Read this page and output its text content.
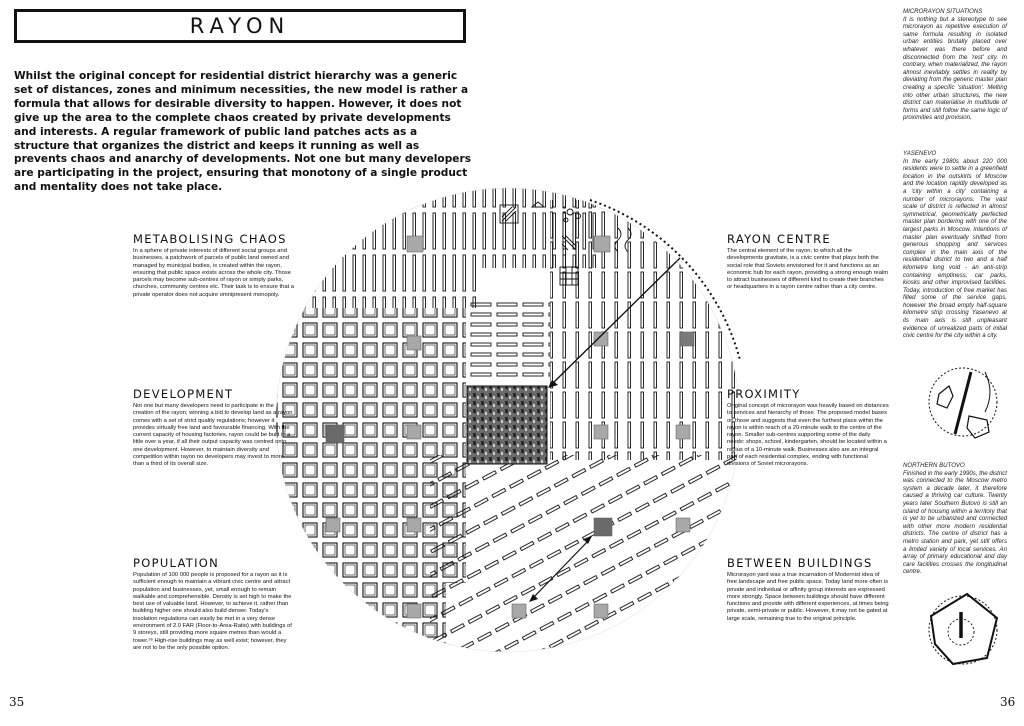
RAYON

Whilst the original concept for residential district hierarchy was a generic set of distances, zones and minimum necessities, the new model is rather a formula that allows for desirable diversity to happen. However, it does not give up the area to the complete chaos created by private developments and interests. A regular framework of public land patches acts as a structure that organizes the district and keeps it running as well as prevents chaos and anarchy of developments. Not one but many developers are participating in the project, ensuring that monotony of a single product and mentality does not take place.

METABOLISING CHAOS

In a sphere of private interests of different social groups and businesses, a patchwork of parcels of public land owned and managed by municipal bodies, is created within the rayon, ensuring that public space exists across the whole city. Those parcels may become sub-centres of rayon or simply parks, churches, community centres etc. Their task is to ensure that a private operator does not acquire omnipresent monopoly.

DEVELOPMENT

Not one but many developers need to participate in the creation of the rayon; winning a bid to develop land as a rayon comes with a set of strict quality regulations; however it provides virtually free land and favourable financing. With the current capacity of housing factories, rayon could be built in a little over a year, if all their output capacity was centred onto one development. However, to maintain diversity and competition within rayon no developers may invest to more than a third of its overall size.

POPULATION

Population of 100 000 people is proposed for a rayon as it is sufficient enough to maintain a vibrant civic centre and attract population and businesses, yet, small enough to remain walkable and comprehensible. Density is set high to make the best use of valuable land. However, to achieve it, rather than building higher one should also build denser. Today's insolation regulations can easily be met in a very dense environment of 2.0 FAR (Floor-to-Area-Ratio) with buildings of 9 storeys, still providing more square metres than would a tower.²⁸ High-rise buildings may as well exist; however, they are not to be the only possible option.

RAYON CENTRE

The central element of the rayon, to which all the developments gravitate, is a civic centre that plays both the social role that Soviets envisioned for it and functions as an economic hub for each rayon, providing a strong enough realm to attract businesses of different kind to create their branches or headquarters in a rayon centre rather than a city centre.

PROXIMITY

Original concept of microrayon was heavily based on distances to services and hierarchy of those. The proposed model bases on those and suggests that even the furthest place within the rayon is within reach of a 20-minute walk to the centre of the rayon. Smaller sub-centres supporting some of the daily needs: shops, school, kindergarten, should be located within a radius of a 10-minute walk. Businesses also are an integral part of each residential complex, ending with functional divisions of Soviet microrayons.

BETWEEN BUILDINGS

Microrayon yard was a true incarnation of Modernist idea of free landscape and free public space. Today land more often is private and individual or affinity group interests are expressed more strongly. Space between buildings should have different functions and provide with different experiences, at times being private, semi-private or public. However, it may not be gated at large scale, remaining true to the original principle.

MICRORAYON SITUATIONS
It is nothing but a stereotype to see microrayon as repetitive execution of same formula resulting in isolated urban entities brutally placed over whatever was there before and disconnected from the 'rest' city. In contrary, when materialized, the rayon almost inevitably settles in reality by deviating from the generic master plan creating a specific 'situation'. Melting into other urban structures, the new district can materialise in multitude of forms and still follow the same logic of proximities and provision.
YASENEVO
In the early 1980s about 220 000 residents were to settle in a greenfield location in the outskirts of Moscow and the location rapidly developed as a 'city within a city' containing a number of microrayons. The vast scale of district is reflected in almost symmetrical, geometrically perfected master plan bordering with one of the largest parks in Moscow. Intentions of master plan eventually shifted from generous shopping and services complex in the main axis of the residential district to two and a half kilometre long void - an anti-strip containing emptiness, car parks, kiosks and other improvised facilities. Today, introduction of free market has filled some of the service gaps, however the broad empty half-square kilometre strip crossing Yasenevo at its main axis is still unpleasant evidence of unrealized parts of initial civic centre for the city within a city.
NORTHERN BUTOVO
Finished in the early 1990s, the district was connected to the Moscow metro system a decade later, it therefore caused a thriving car culture. Twenty years later Southern Butovo is still an island of housing within a territory that is yet to be urbanized and connected with other more modern residential districts. The centre of district has a metro station and park, yet still offers a limited variety of local services. An array of primary educational and day care facilities crosses the longitudinal centre.
35	36
